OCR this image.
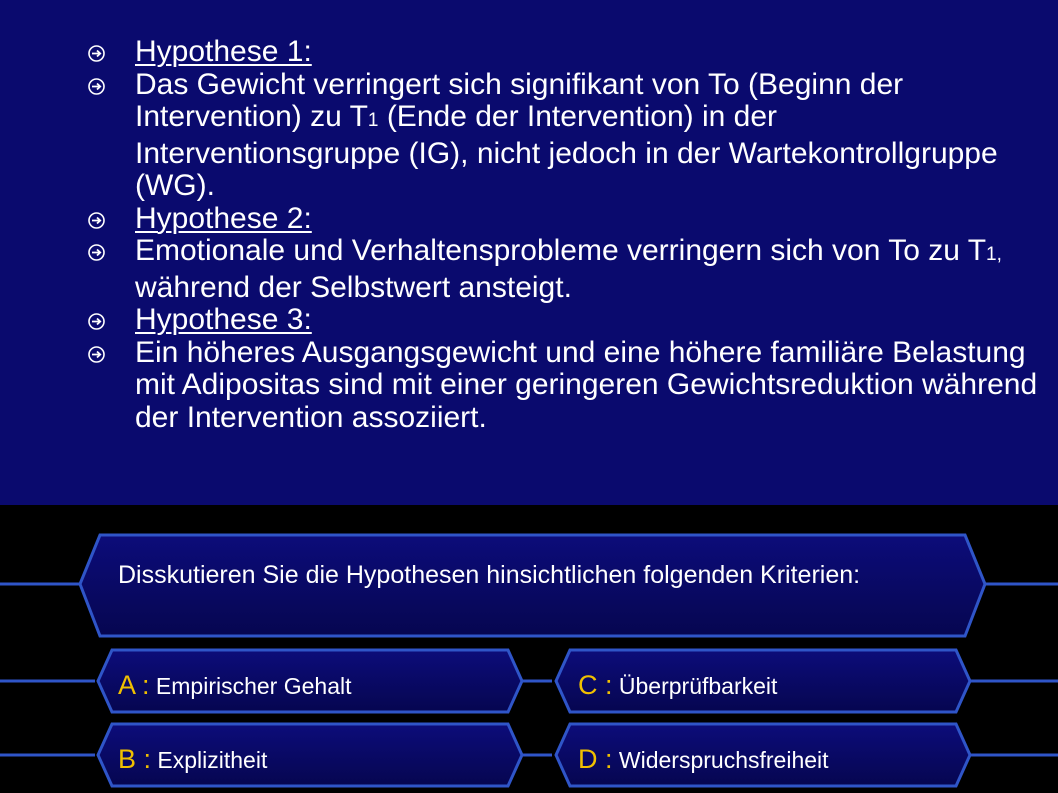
Hypothese 1:
Das Gewicht verringert sich signifikant von To (Beginn der Intervention) zu T1 (Ende der Intervention) in der Interventionsgruppe (IG), nicht jedoch in der Wartekontrollgruppe (WG).
Hypothese 2:
Emotionale und Verhaltensprobleme verringern sich von To zu T1, während der Selbstwert ansteigt.
Hypothese 3:
Ein höheres Ausgangsgewicht und eine höhere familiäre Belastung mit Adipositas sind mit einer geringeren Gewichtsreduktion während der Intervention assoziiert.
Disskutieren Sie die Hypothesen hinsichtlichen folgenden Kriterien:
A : Empirischer Gehalt	C : Überprüfbarkeit
B : Explizitheit	D : Widerspruchsfreiheit
